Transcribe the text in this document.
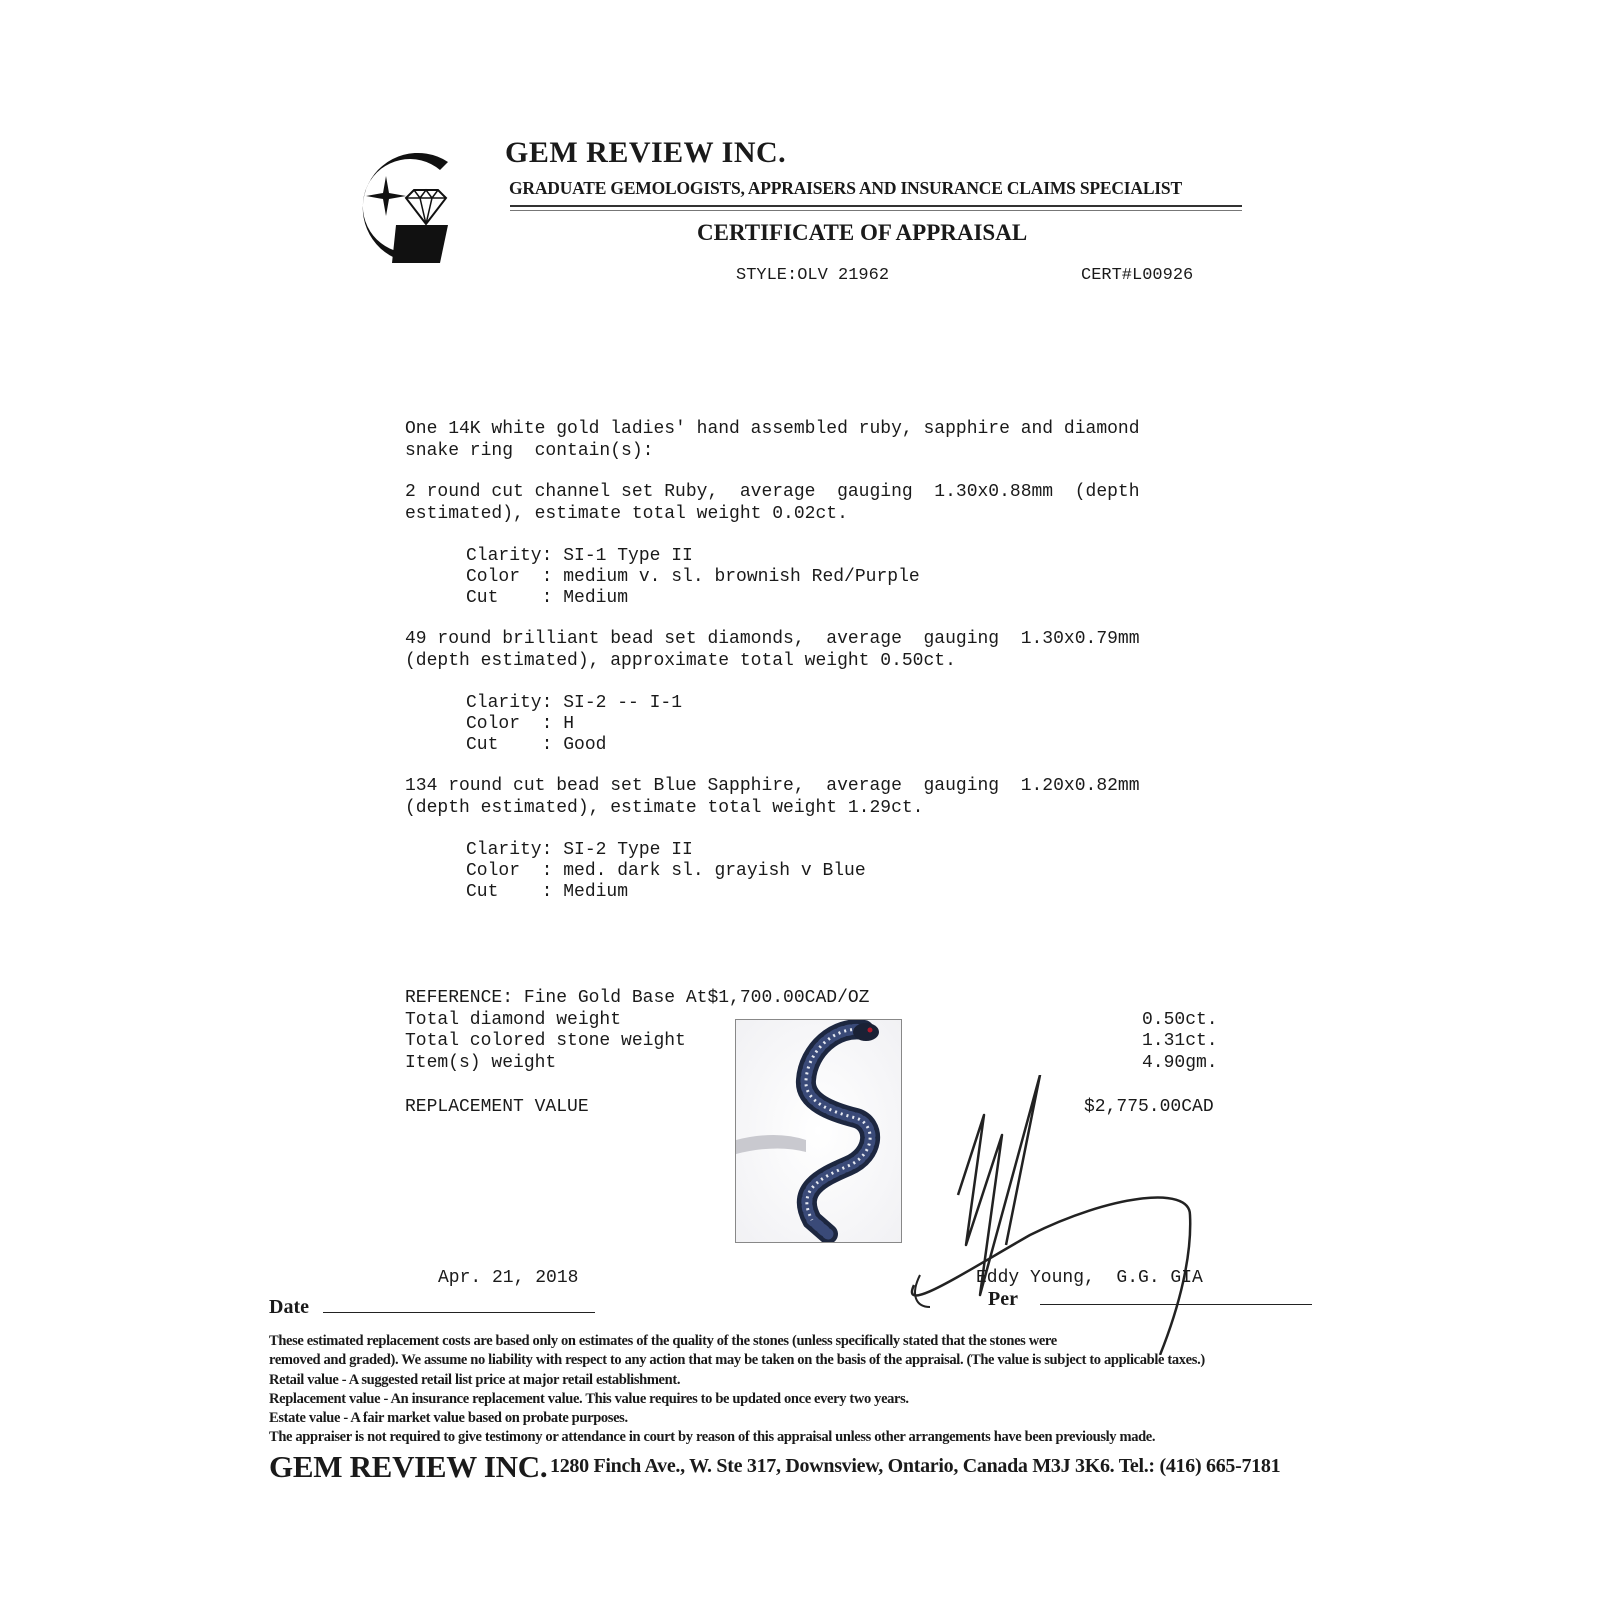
GEM REVIEW INC.
GRADUATE GEMOLOGISTS, APPRAISERS AND INSURANCE CLAIMS SPECIALIST
CERTIFICATE OF APPRAISAL
STYLE:OLV 21962	CERT#L00926
One 14K white gold ladies' hand assembled ruby, sapphire and diamond
snake ring  contain(s):
2 round cut channel set Ruby,  average  gauging  1.30x0.88mm  (depth
estimated), estimate total weight 0.02ct.
Clarity: SI-1 Type II
Color  : medium v. sl. brownish Red/Purple
Cut    : Medium
49 round brilliant bead set diamonds,  average  gauging  1.30x0.79mm
(depth estimated), approximate total weight 0.50ct.
Clarity: SI-2 -- I-1
Color  : H
Cut    : Good
134 round cut bead set Blue Sapphire,  average  gauging  1.20x0.82mm
(depth estimated), estimate total weight 1.29ct.
Clarity: SI-2 Type II
Color  : med. dark sl. grayish v Blue
Cut    : Medium
REFERENCE: Fine Gold Base At$1,700.00CAD/OZ
Total diamond weight	0.50ct.
Total colored stone weight	1.31ct.
Item(s) weight	4.90gm.
REPLACEMENT VALUE	$2,775.00CAD
Apr. 21, 2018	Eddy Young,  G.G. GIA
Date	Per
These estimated replacement costs are based only on estimates of the quality of the stones (unless specifically stated that the stones were
removed and graded). We assume no liability with respect to any action that may be taken on the basis of the appraisal. (The value is subject to applicable taxes.)
Retail value - A suggested retail list price at major retail establishment.
Replacement value - An insurance replacement value. This value requires to be updated once every two years.
Estate value - A fair market value based on probate purposes.
The appraiser is not required to give testimony or attendance in court by reason of this appraisal unless other arrangements have been previously made.
GEM REVIEW INC. 1280 Finch Ave., W. Ste 317, Downsview, Ontario, Canada M3J 3K6. Tel.: (416) 665-7181
